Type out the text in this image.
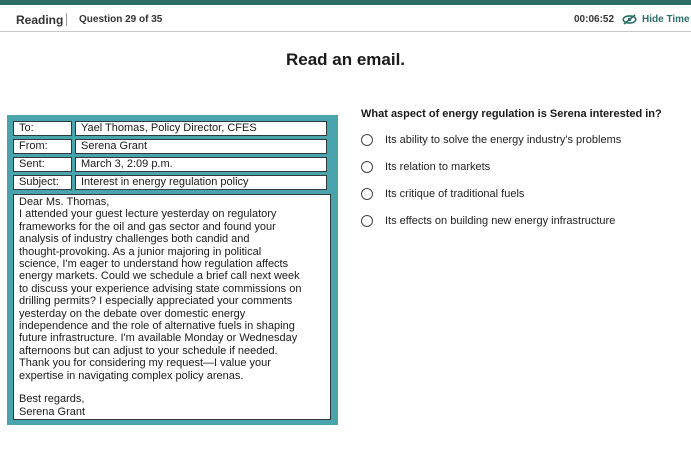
Reading Question 29 of 35	00:06:52	Hide Time
Read an email.
To:	Yael Thomas, Policy Director, CFES
From:	Serena Grant
Sent:	March 3, 2:09 p.m.
Subject:	Interest in energy regulation policy

Dear Ms. Thomas,

I attended your guest lecture yesterday on regulatory

frameworks for the oil and gas sector and found your

analysis of industry challenges both candid and

thought-provoking. As a junior majoring in political

science, I'm eager to understand how regulation affects

energy markets. Could we schedule a brief call next week

to discuss your experience advising state commissions on

drilling permits? I especially appreciated your comments

yesterday on the debate over domestic energy

independence and the role of alternative fuels in shaping

future infrastructure. I'm available Monday or Wednesday

afternoons but can adjust to your schedule if needed.

Thank you for considering my request—I value your

expertise in navigating complex policy arenas.

Best regards,

Serena Grant

What aspect of energy regulation is Serena interested in?
Its ability to solve the energy industry's problems
Its relation to markets
Its critique of traditional fuels
Its effects on building new energy infrastructure
